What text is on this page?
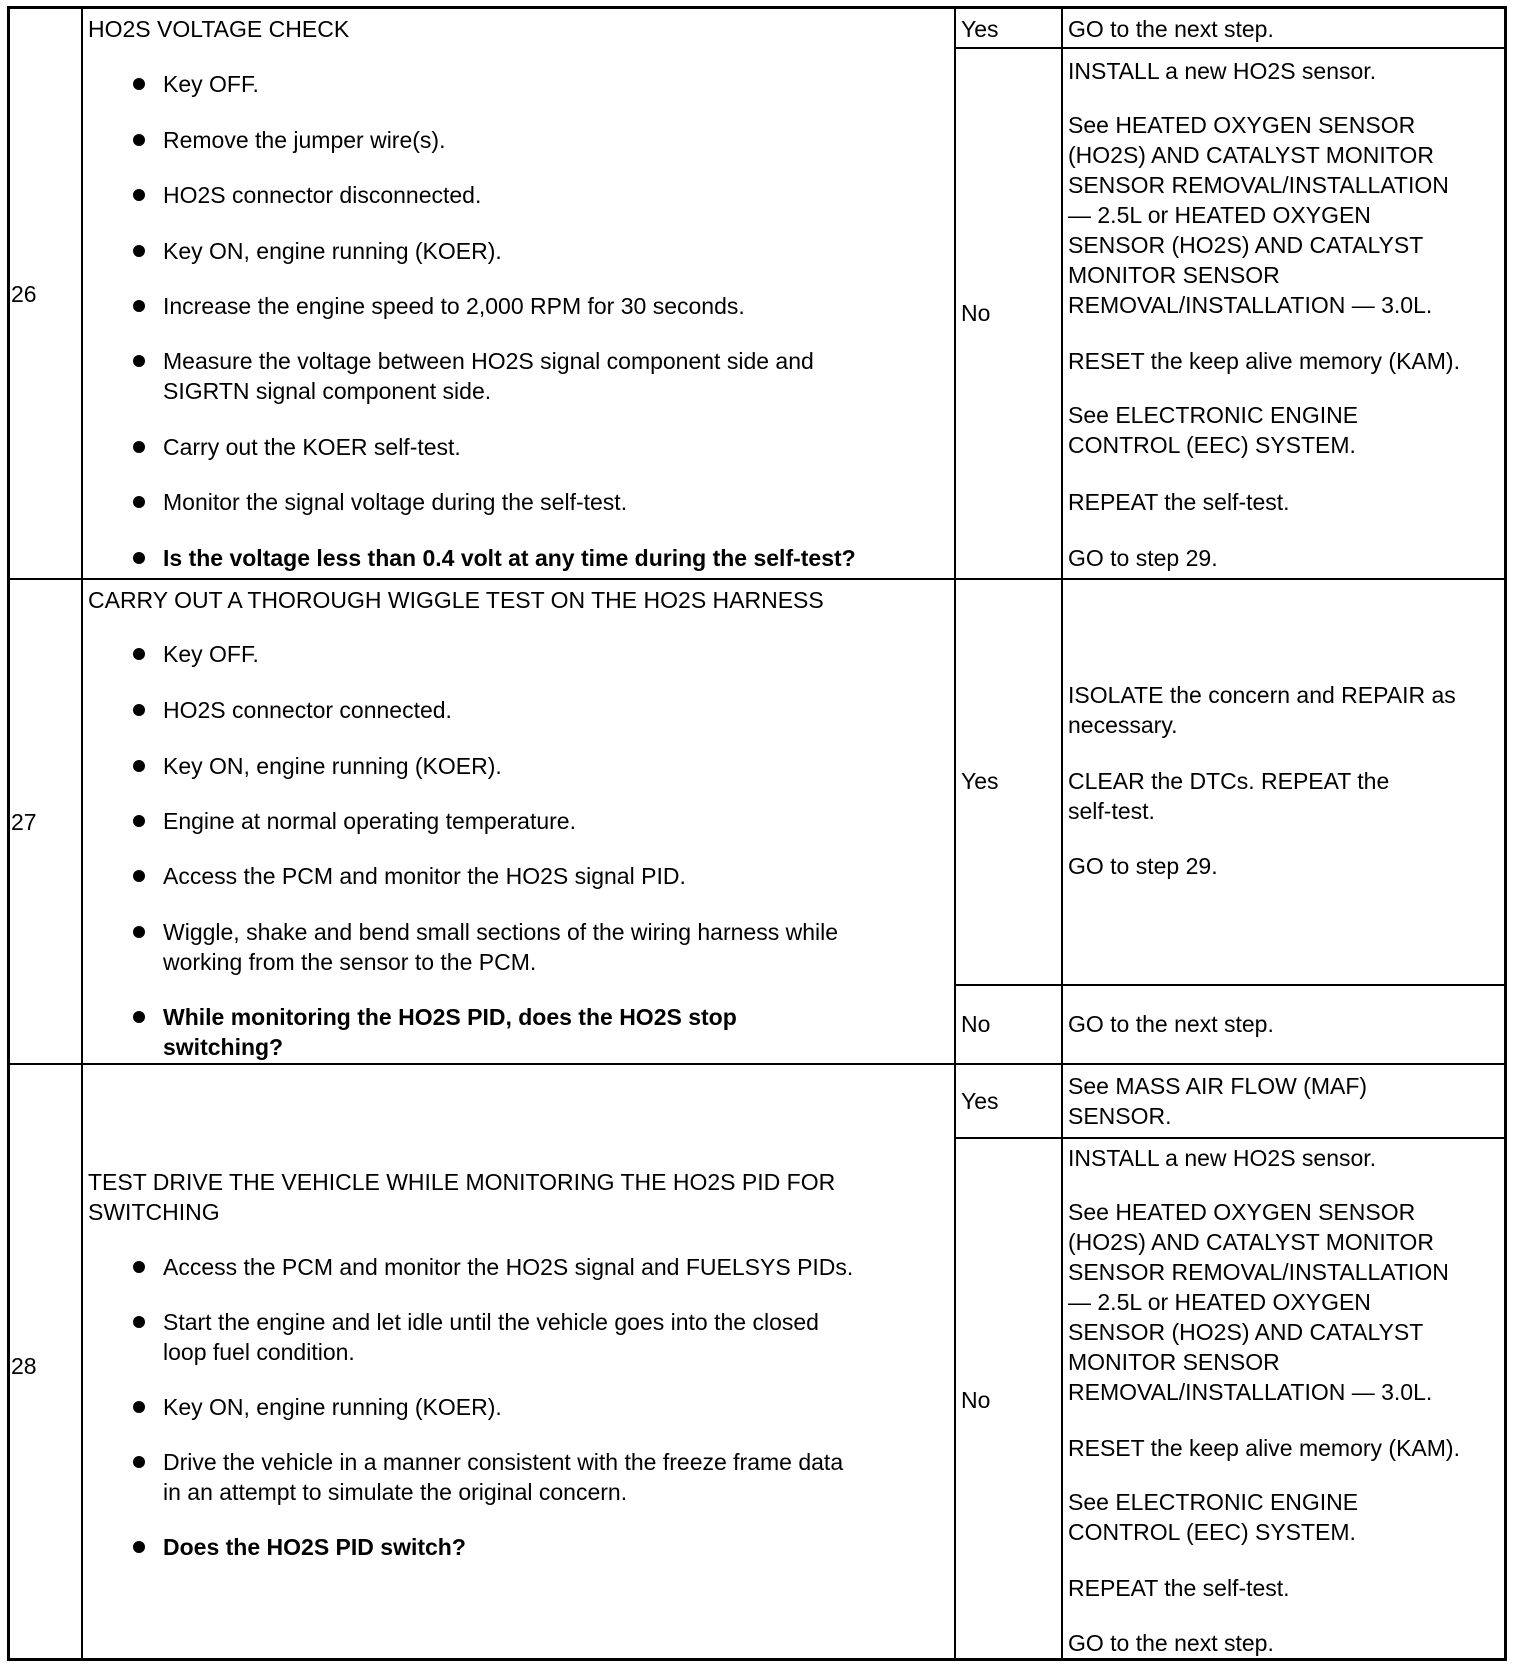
26
HO2S VOLTAGE CHECK
Key OFF.
Remove the jumper wire(s).
HO2S connector disconnected.
Key ON, engine running (KOER).
Increase the engine speed to 2,000 RPM for 30 seconds.
Measure the voltage between HO2S signal component side and
SIGRTN signal component side.
Carry out the KOER self-test.
Monitor the signal voltage during the self-test.
Is the voltage less than 0.4 volt at any time during the self-test?
Yes	GO to the next step.
No
INSTALL a new HO2S sensor.
See HEATED OXYGEN SENSOR
(HO2S) AND CATALYST MONITOR
SENSOR REMOVAL/INSTALLATION
— 2.5L or HEATED OXYGEN
SENSOR (HO2S) AND CATALYST
MONITOR SENSOR
REMOVAL/INSTALLATION — 3.0L.
RESET the keep alive memory (KAM).
See ELECTRONIC ENGINE
CONTROL (EEC) SYSTEM.
REPEAT the self-test.
GO to step 29.
27
CARRY OUT A THOROUGH WIGGLE TEST ON THE HO2S HARNESS
Key OFF.
HO2S connector connected.
Key ON, engine running (KOER).
Engine at normal operating temperature.
Access the PCM and monitor the HO2S signal PID.
Wiggle, shake and bend small sections of the wiring harness while
working from the sensor to the PCM.
While monitoring the HO2S PID, does the HO2S stop
switching?
Yes
ISOLATE the concern and REPAIR as
necessary.
CLEAR the DTCs. REPEAT the
self-test.
GO to step 29.
No	GO to the next step.
28
TEST DRIVE THE VEHICLE WHILE MONITORING THE HO2S PID FOR
SWITCHING
Access the PCM and monitor the HO2S signal and FUELSYS PIDs.
Start the engine and let idle until the vehicle goes into the closed
loop fuel condition.
Key ON, engine running (KOER).
Drive the vehicle in a manner consistent with the freeze frame data
in an attempt to simulate the original concern.
Does the HO2S PID switch?
Yes
See MASS AIR FLOW (MAF)
SENSOR.
No
INSTALL a new HO2S sensor.
See HEATED OXYGEN SENSOR
(HO2S) AND CATALYST MONITOR
SENSOR REMOVAL/INSTALLATION
— 2.5L or HEATED OXYGEN
SENSOR (HO2S) AND CATALYST
MONITOR SENSOR
REMOVAL/INSTALLATION — 3.0L.
RESET the keep alive memory (KAM).
See ELECTRONIC ENGINE
CONTROL (EEC) SYSTEM.
REPEAT the self-test.
GO to the next step.
